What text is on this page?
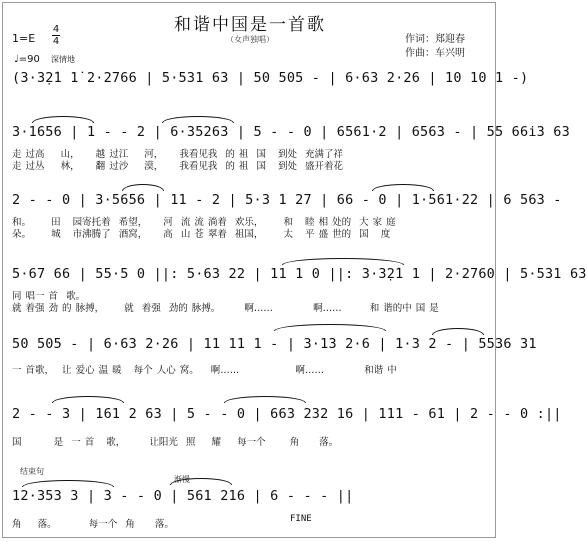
和谐中国是一首歌
（女声独唱）	作词：郑迎春
作曲：车兴明
1=E
4
4
♩=90 深情地
(3·3̣2̇1 1̇ 2·2766 | 5·531 63 | 50 505 - | 6·63 2·26 | 10 10 1 -)
3·1656 | 1 - - 2 | 6·35263 | 5 - - 0 | 6561·2 | 6563 - | 55 66i3 63
走 过高    山，    越 过江    河，    我看见我  的 祖  国   到处  充满了祥
走 过丛    林，    翻 过沙    漠，    我看见我  的 祖  国   到处  盛开着花
2 - - 0 | 3·5656 | 11 - 2 | 5·3 1 27 | 66 - 0 | 1·561·22 | 6 563 -
和。     田   园寄托着  希望，    河  流 流 淌着  欢乐，     和   睦 相 处的  大 家 庭
朵。     城   市沸腾了  酒窝，    高  山 苍 翠着  祖国，     太   平 盛 世的  国   度
5·67 66 | 55·5 0 ||: 5·63 22 | 11 1 0 ||: 3·3̣2̇1 1 | 2·2760 | 5·531 63
同 唱一 首  歌。
就 着强 劲 的 脉搏，     就  着强  劲的 脉搏。      啊……          啊……       和 谐的中 国 是
50 505 - | 6·63 2·26 | 11 11 1 - | 3·13 2·6 | 1·3 2 - | 5536 31
一 首歌，  让 爱心 温 暖   每个 人心 窝。   啊……              啊……          和谐 中
2 - - 3 | 161 2 63 | 5 - - 0 | 663 232 16 | 111 - 61 | 2 - - 0 :||
国        是  一 首   歌，      让阳光  照    耀    每一个      角     落。
结束句
渐慢
12·353 3 | 3 - - 0 | 561 216 | 6 - - - ||
角    落。        每一个  角     落。	FINE
